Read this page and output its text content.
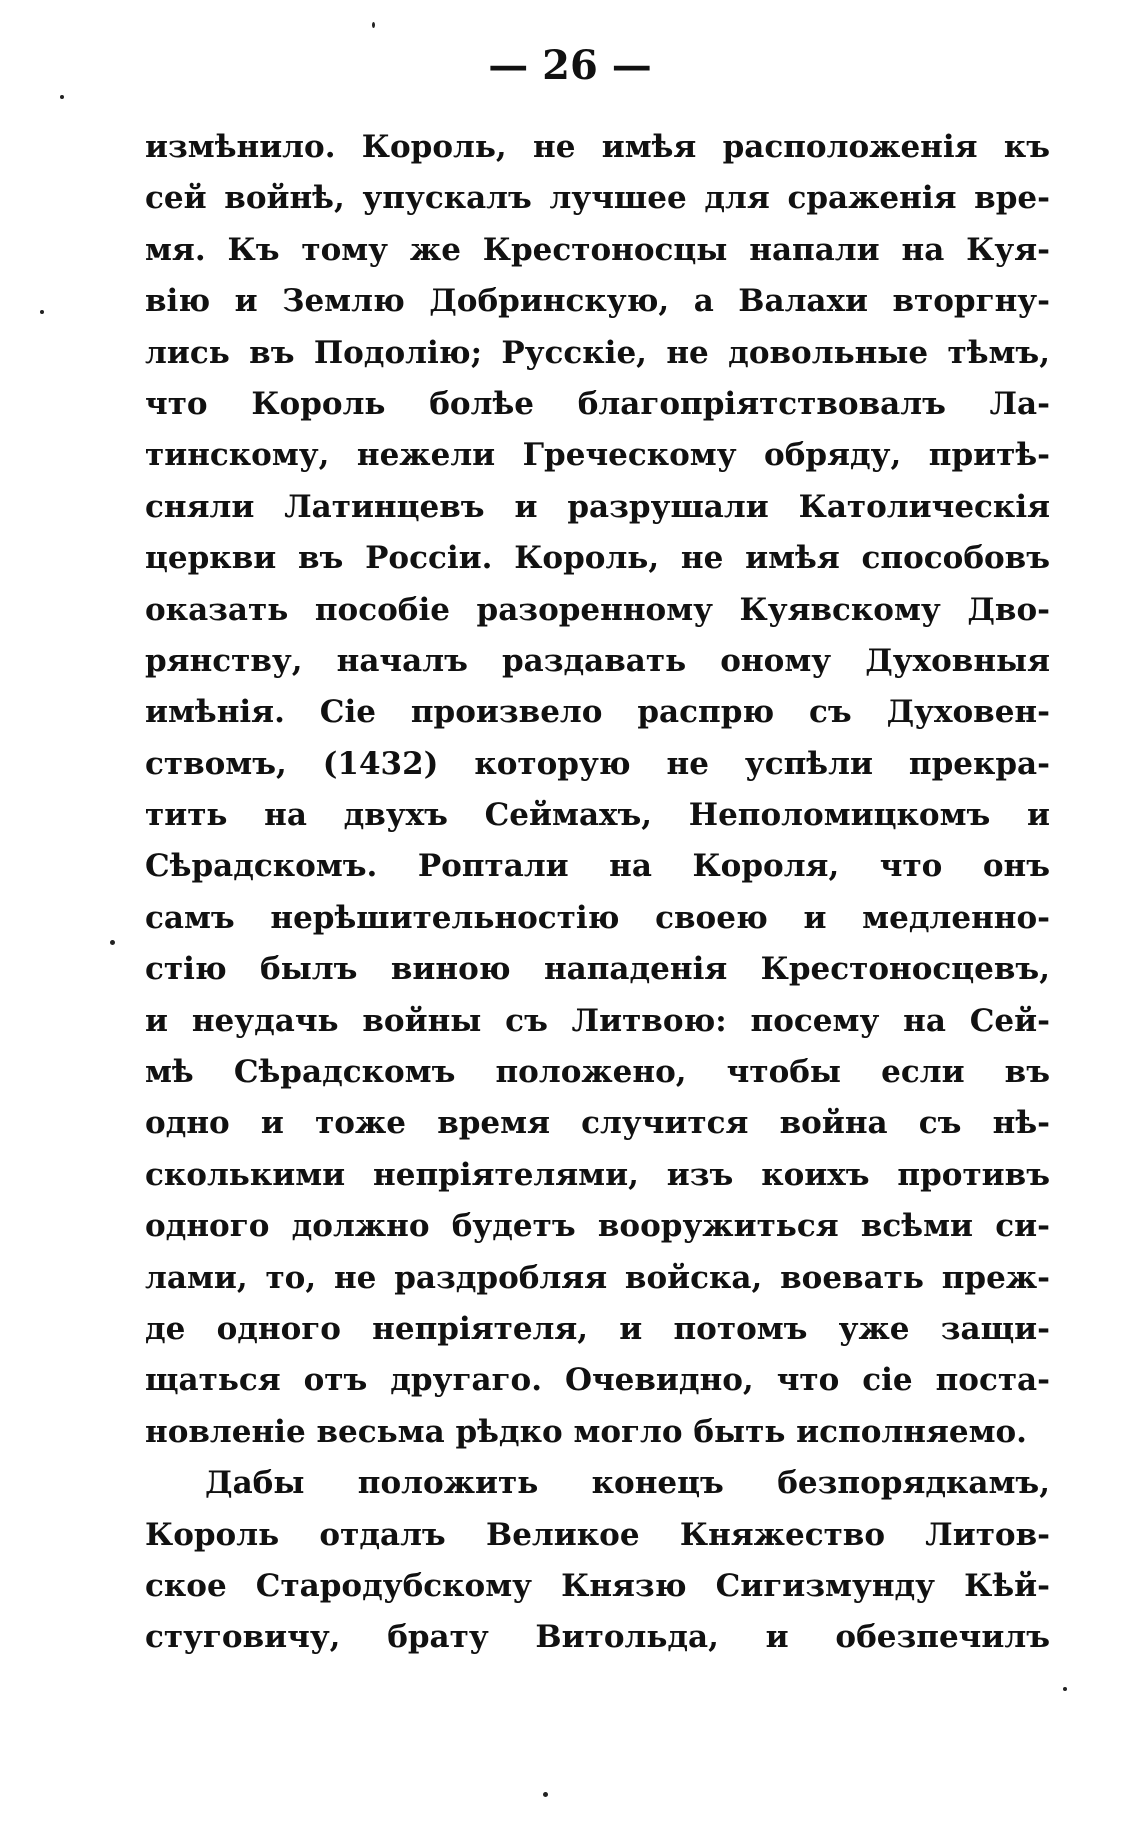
— 26 —
измѣнило. Король, не имѣя расположенія къ
сей войнѣ, упускалъ лучшее для сраженія вре-
мя. Къ тому же Крестоносцы напали на Куя-
вію и Землю Добринскую, а Валахи вторгну-
лись въ Подолію; Русскіе, не довольные тѣмъ,
что Король болѣе благопріятствовалъ Ла-
тинскому, нежели Греческому обряду, притѣ-
сняли Латинцевъ и разрушали Католическія
церкви въ Россіи. Король, не имѣя способовъ
оказать пособіе разоренному Куявскому Дво-
рянству, началъ раздавать оному Духовныя
имѣнія. Сіе произвело распрю съ Духовен-
ствомъ, (1432) которую не успѣли прекра-
тить на двухъ Сеймахъ, Неполомицкомъ и
Сѣрадскомъ. Роптали на Короля, что онъ
самъ нерѣшительностію своею и медленно-
стію былъ виною нападенія Крестоносцевъ,
и неудачь войны съ Литвою: посему на Сей-
мѣ Сѣрадскомъ положено, чтобы если въ
одно и тоже время случится война съ нѣ-
сколькими непріятелями, изъ коихъ противъ
одного должно будетъ вооружиться всѣми си-
лами, то, не раздробляя войска, воевать преж-
де одного непріятеля, и потомъ уже защи-
щаться отъ другаго. Очевидно, что сіе поста-
новленіе весьма рѣдко могло быть исполняемо.
Дабы положить конецъ безпорядкамъ,
Король отдалъ Великое Княжество Литов-
ское Стародубскому Князю Сигизмунду Кѣй-
стуговичу, брату Витольда, и обезпечилъ
